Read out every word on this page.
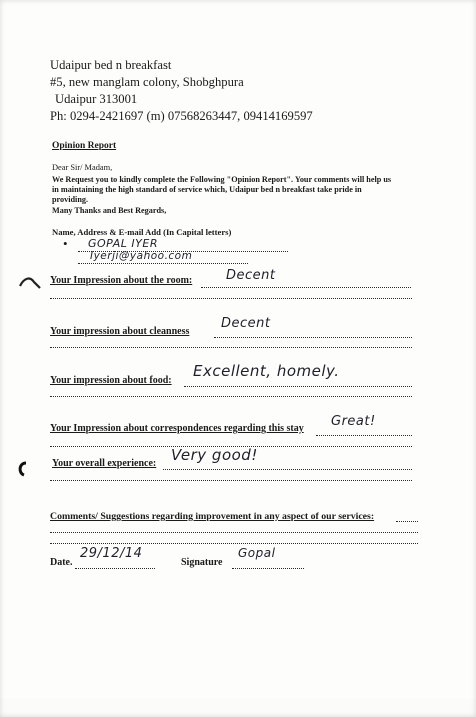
Udaipur bed n breakfast
#5, new manglam colony, Shobghpura
Udaipur 313001
Ph: 0294-2421697 (m) 07568263447, 09414169597
Opinion Report
Dear Sir/ Madam,
We Request you to kindly complete the Following "Opinion Report". Your comments will help us
in maintaining the high standard of service which, Udaipur bed n breakfast take pride in
providing.
Many Thanks and Best Regards,
Name, Address & E-mail Add (In Capital letters)
• GOPAL IYER
Iyerji@yahoo.com
Your Impression about the room:	Decent
Your impression about cleanness
Decent
Your impression about food:
Excellent, homely.
Your Impression about correspondences regarding this stay Great!
Your overall experience: Very good!
Comments/ Suggestions regarding improvement in any aspect of our services:
Date.
29/12/14
Signature
Gopal
